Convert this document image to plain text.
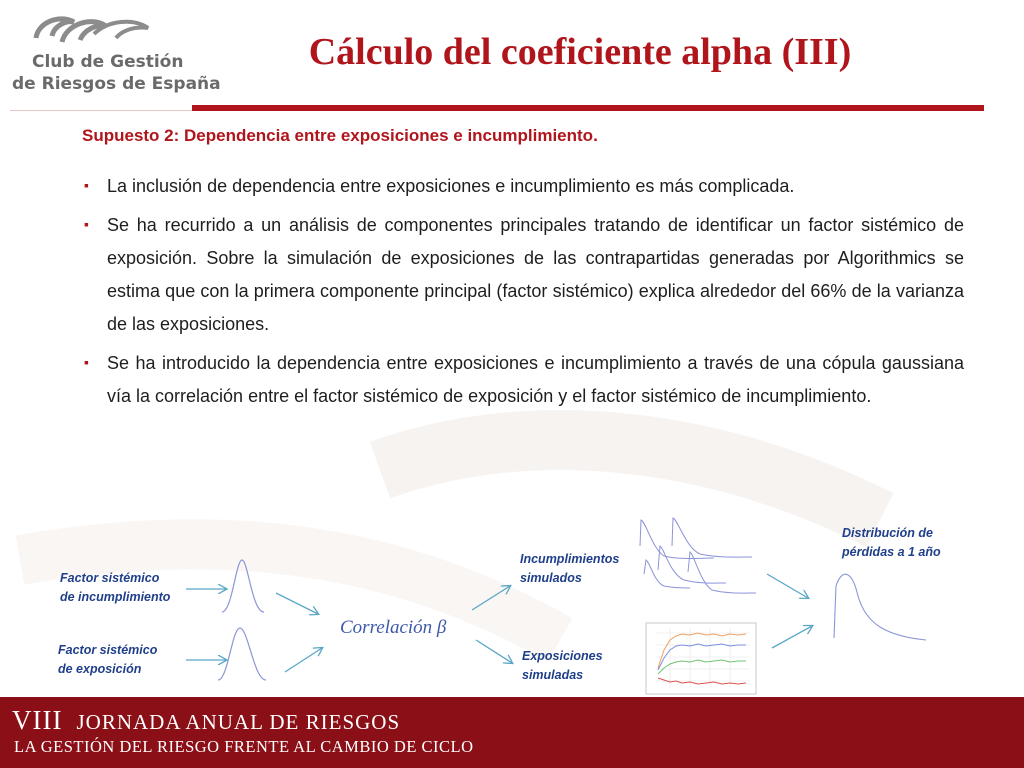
Club de Gestión
de Riesgos de España
Cálculo del coeficiente alpha (III)
Supuesto 2: Dependencia entre exposiciones e incumplimiento.
▪ La inclusión de dependencia entre exposiciones e incumplimiento es más complicada.
▪ Se ha recurrido a un análisis de componentes principales tratando de identificar un factor sistémico de exposición. Sobre la simulación de exposiciones de las contrapartidas generadas por Algorithmics se estima que con la primera componente principal (factor sistémico) explica alrededor del 66% de la varianza de las exposiciones.
▪ Se ha introducido la dependencia entre exposiciones e incumplimiento a través de una cópula gaussiana vía la correlación entre el factor sistémico de exposición y el factor sistémico de incumplimiento.
Factor sistémico
de incumplimiento
Factor sistémico
de exposición
Correlación β
Incumplimientos
simulados
Exposiciones
simuladas
Distribución de
pérdidas a 1 año
VIII JORNADA ANUAL DE RIESGOS
LA GESTIÓN DEL RIESGO FRENTE AL CAMBIO DE CICLO
